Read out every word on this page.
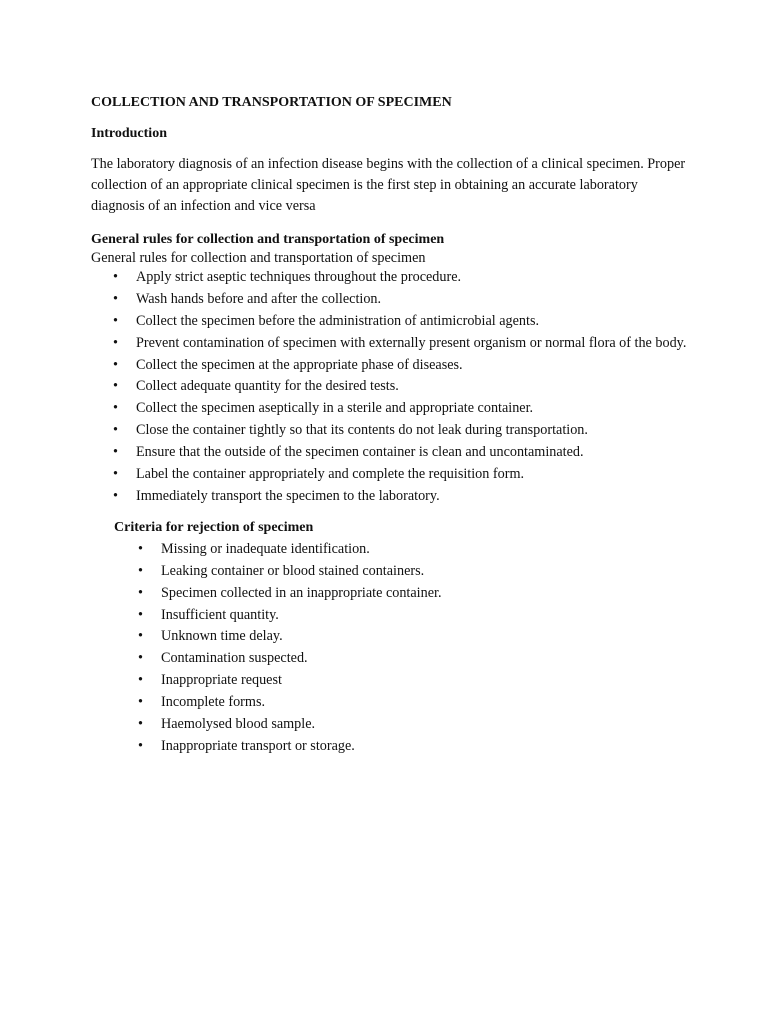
COLLECTION AND TRANSPORTATION OF SPECIMEN
Introduction

The laboratory diagnosis of an infection disease begins with the collection of a clinical specimen. Proper collection of an appropriate clinical specimen is the first step in obtaining an accurate laboratory diagnosis of an infection and vice versa

General rules for collection and transportation of specimen
General rules for collection and transportation of specimen
• Apply strict aseptic techniques throughout the procedure.
• Wash hands before and after the collection.
• Collect the specimen before the administration of antimicrobial agents.
• Prevent contamination of specimen with externally present organism or normal flora of the body.
• Collect the specimen at the appropriate phase of diseases.
• Collect adequate quantity for the desired tests.
• Collect the specimen aseptically in a sterile and appropriate container.
• Close the container tightly so that its contents do not leak during transportation.
• Ensure that the outside of the specimen container is clean and uncontaminated.
• Label the container appropriately and complete the requisition form.
• Immediately transport the specimen to the laboratory.
Criteria for rejection of specimen
• Missing or inadequate identification.
• Leaking container or blood stained containers.
• Specimen collected in an inappropriate container.
• Insufficient quantity.
• Unknown time delay.
• Contamination suspected.
• Inappropriate request
• Incomplete forms.
• Haemolysed blood sample.
• Inappropriate transport or storage.
